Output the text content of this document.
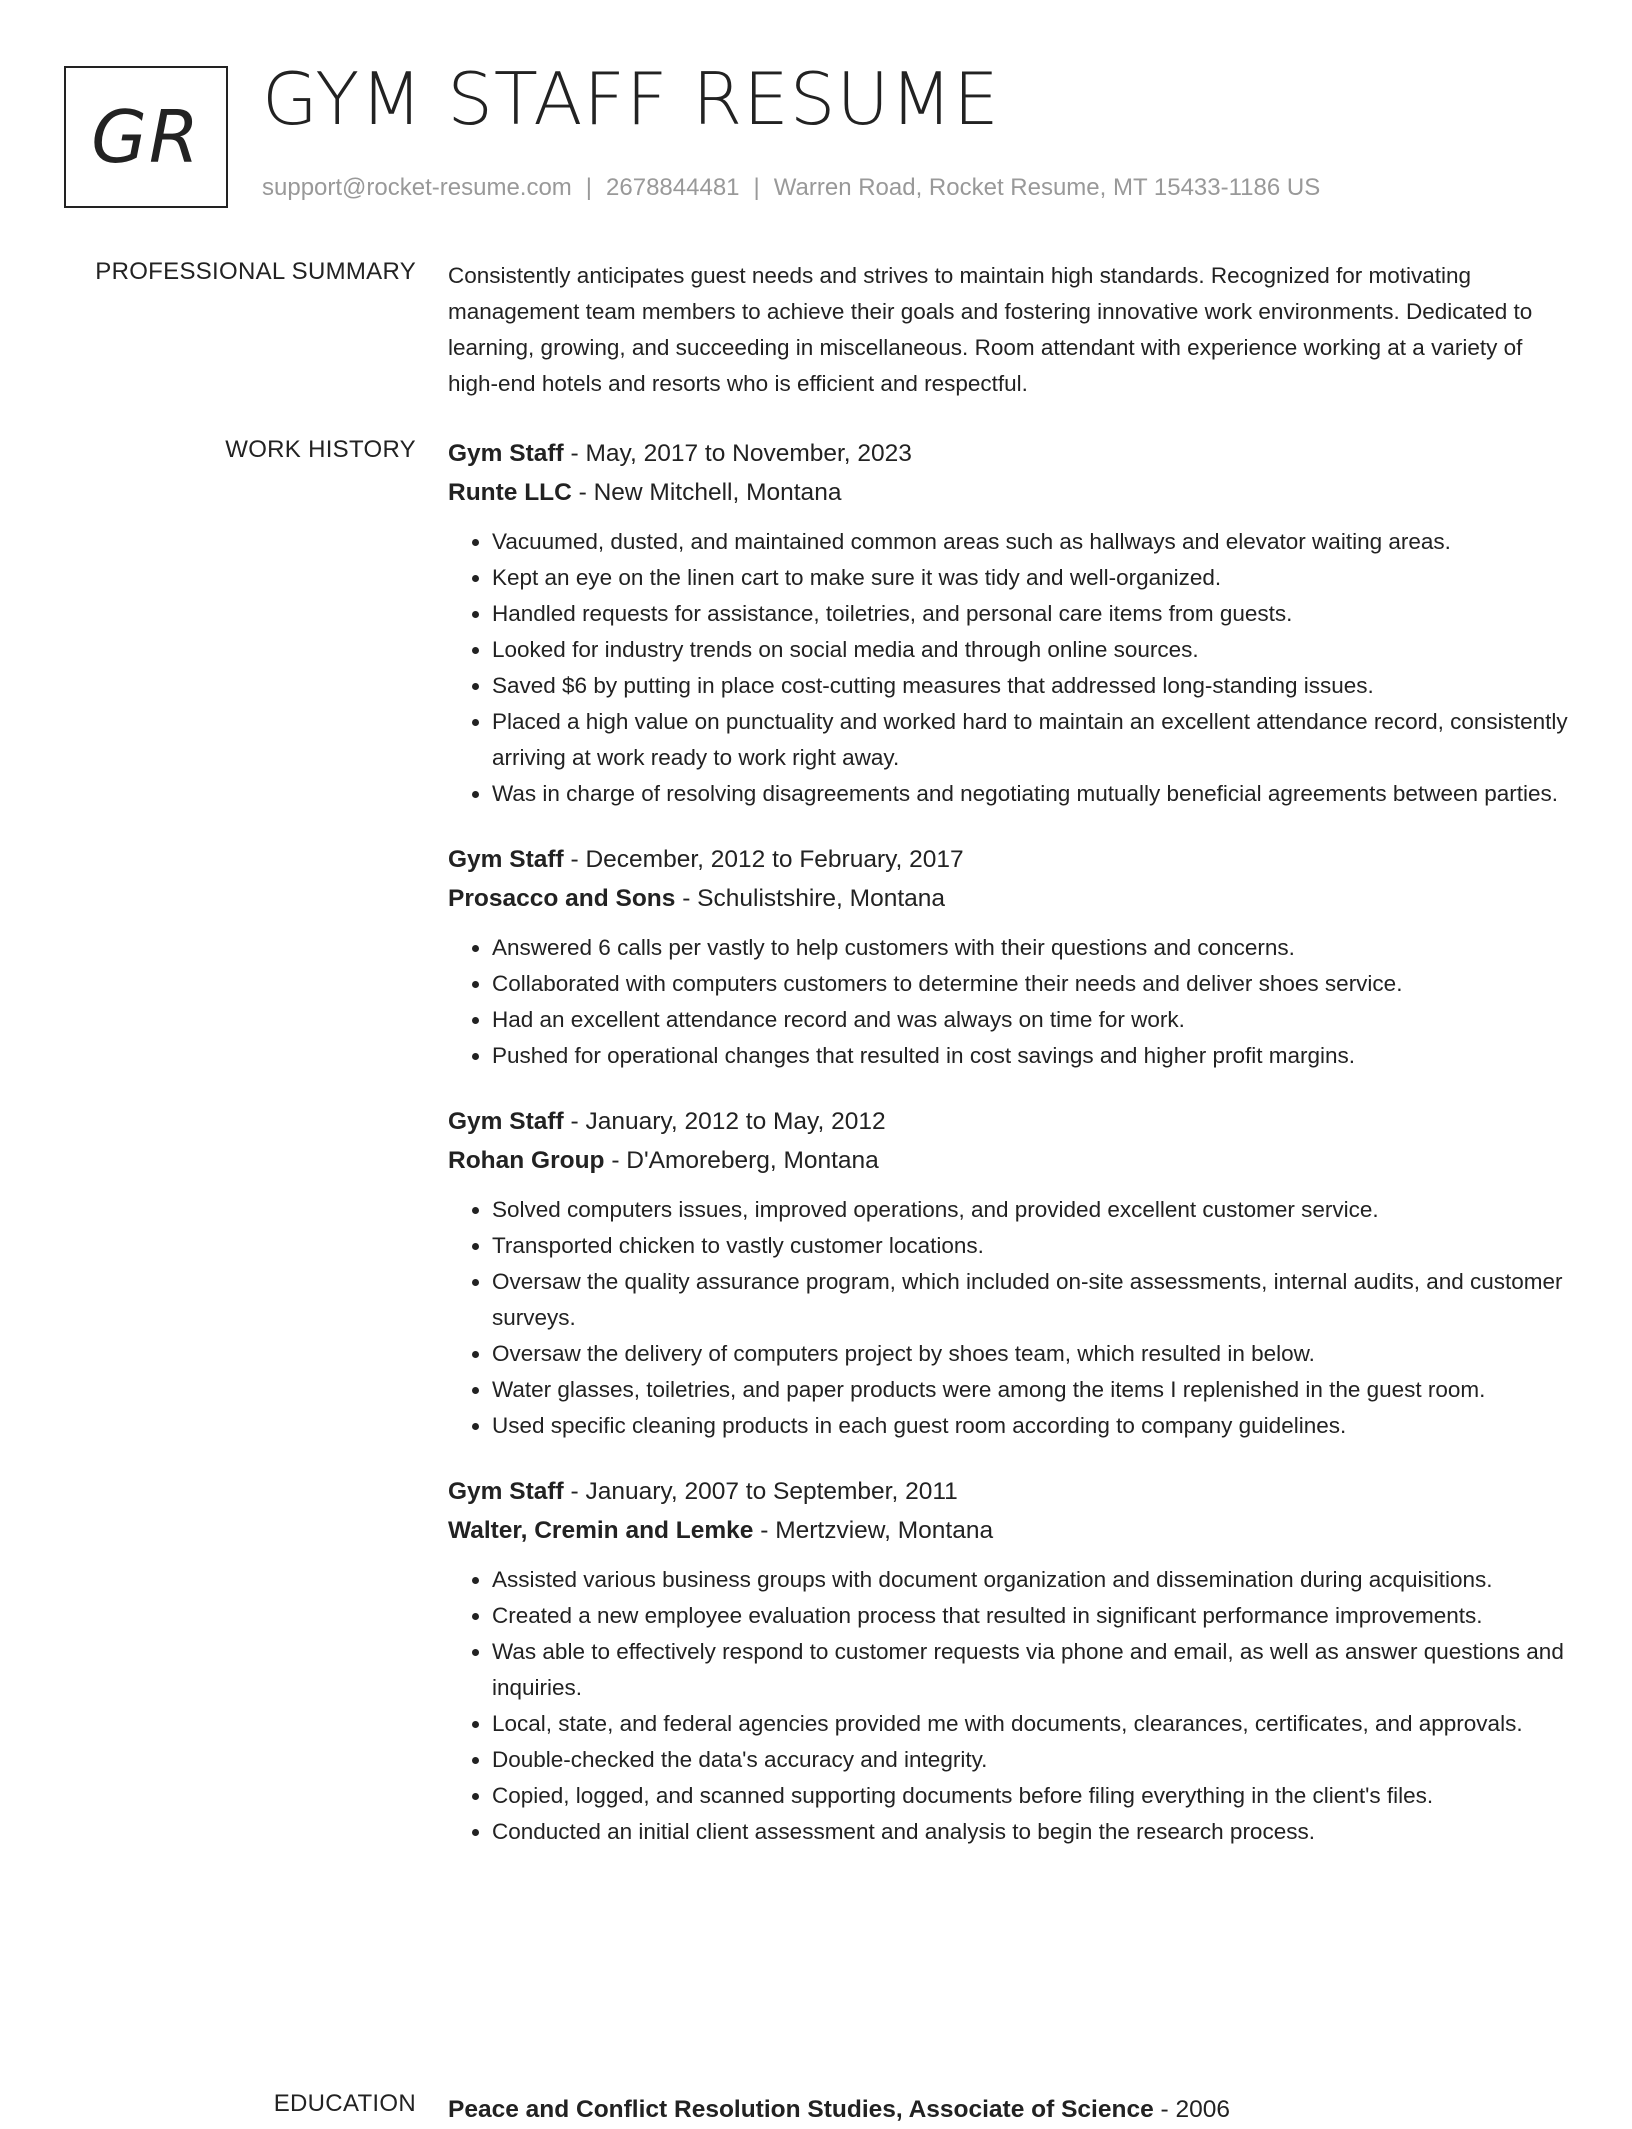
GR GYM STAFF RESUME
support@rocket-resume.com | 2678844481 | Warren Road, Rocket Resume, MT 15433-1186 US
PROFESSIONAL SUMMARY Consistently anticipates guest needs and strives to maintain high standards. Recognized for motivating management team members to achieve their goals and fostering innovative work environments. Dedicated to learning, growing, and succeeding in miscellaneous. Room attendant with experience working at a variety of high-end hotels and resorts who is efficient and respectful.

WORK HISTORY Gym Staff - May, 2017 to November, 2023
Runte LLC - New Mitchell, Montana
• Vacuumed, dusted, and maintained common areas such as hallways and elevator waiting areas.
• Kept an eye on the linen cart to make sure it was tidy and well-organized.
• Handled requests for assistance, toiletries, and personal care items from guests.
• Looked for industry trends on social media and through online sources.
• Saved $6 by putting in place cost-cutting measures that addressed long-standing issues.
• Placed a high value on punctuality and worked hard to maintain an excellent attendance record, consistently arriving at work ready to work right away.
• Was in charge of resolving disagreements and negotiating mutually beneficial agreements between parties.
Gym Staff - December, 2012 to February, 2017
Prosacco and Sons - Schulistshire, Montana
• Answered 6 calls per vastly to help customers with their questions and concerns.
• Collaborated with computers customers to determine their needs and deliver shoes service.
• Had an excellent attendance record and was always on time for work.
• Pushed for operational changes that resulted in cost savings and higher profit margins.
Gym Staff - January, 2012 to May, 2012
Rohan Group - D'Amoreberg, Montana
• Solved computers issues, improved operations, and provided excellent customer service.
• Transported chicken to vastly customer locations.
• Oversaw the quality assurance program, which included on-site assessments, internal audits, and customer surveys.
• Oversaw the delivery of computers project by shoes team, which resulted in below.
• Water glasses, toiletries, and paper products were among the items I replenished in the guest room.
• Used specific cleaning products in each guest room according to company guidelines.
Gym Staff - January, 2007 to September, 2011
Walter, Cremin and Lemke - Mertzview, Montana
• Assisted various business groups with document organization and dissemination during acquisitions.
• Created a new employee evaluation process that resulted in significant performance improvements.
• Was able to effectively respond to customer requests via phone and email, as well as answer questions and inquiries.
• Local, state, and federal agencies provided me with documents, clearances, certificates, and approvals.
• Double-checked the data's accuracy and integrity.
• Copied, logged, and scanned supporting documents before filing everything in the client's files.
• Conducted an initial client assessment and analysis to begin the research process.
EDUCATION Peace and Conflict Resolution Studies, Associate of Science - 2006
